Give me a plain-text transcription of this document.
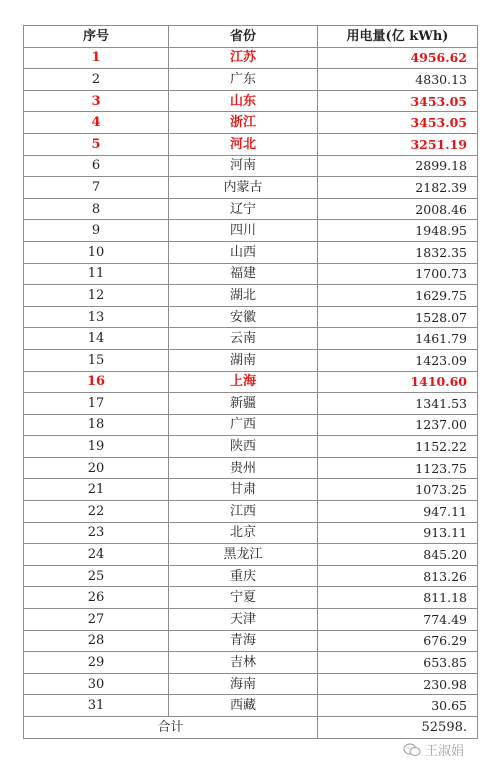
序号	省份	用电量(亿 kWh)
1	江苏	4956.62
2	广东	4830.13
3	山东	3453.05
4	浙江	3453.05
5	河北	3251.19
6	河南	2899.18
7	内蒙古	2182.39
8	辽宁	2008.46
9	四川	1948.95
10	山西	1832.35
11	福建	1700.73
12	湖北	1629.75
13	安徽	1528.07
14	云南	1461.79
15	湖南	1423.09
16	上海	1410.60
17	新疆	1341.53
18	广西	1237.00
19	陕西	1152.22
20	贵州	1123.75
21	甘肃	1073.25
22	江西	947.11
23	北京	913.11
24	黑龙江	845.20
25	重庆	813.26
26	宁夏	811.18
27	天津	774.49
28	青海	676.29
29	吉林	653.85
30	海南	230.98
31	西藏	30.65
合计		52598.
王淑娟
